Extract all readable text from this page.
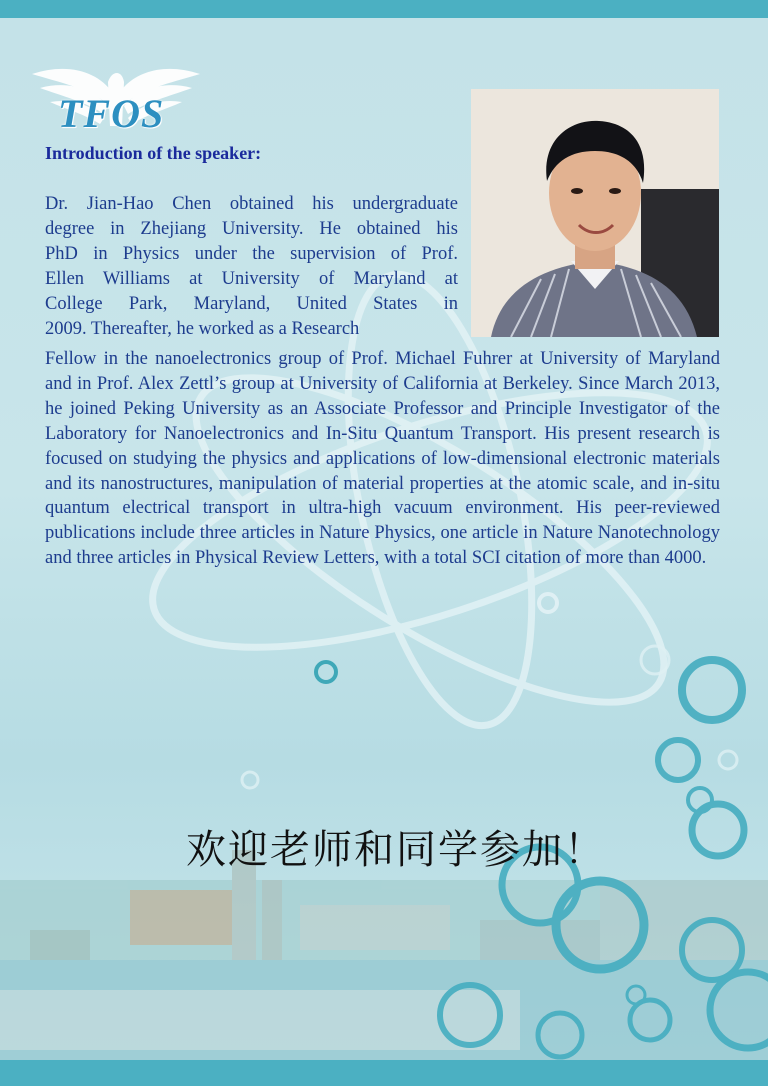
TFOS
Introduction of the speaker:
Dr. Jian-Hao Chen obtained his undergraduate
degree in Zhejiang University. He obtained his
PhD in Physics under the supervision of Prof.
Ellen Williams at University of Maryland at
College Park, Maryland, United States in
2009. Thereafter, he worked as a Research

Fellow in the nanoelectronics group of Prof. Michael Fuhrer at University of Maryland and in Prof. Alex Zettl’s group at University of California at Berkeley. Since March 2013, he joined Peking University as an Associate Professor and Principle Investigator of the Laboratory for Nanoelectronics and In-Situ Quantum Transport. His present research is focused on studying the physics and applications of low-dimensional electronic materials and its nanostructures, manipulation of material properties at the atomic scale, and in-situ quantum electrical transport in ultra-high vacuum environment. His peer-reviewed publications include three articles in Nature Physics, one article in Nature Nanotechnology and three articles in Physical Review Letters, with a total SCI citation of more than 4000.

欢迎老师和同学参加！
